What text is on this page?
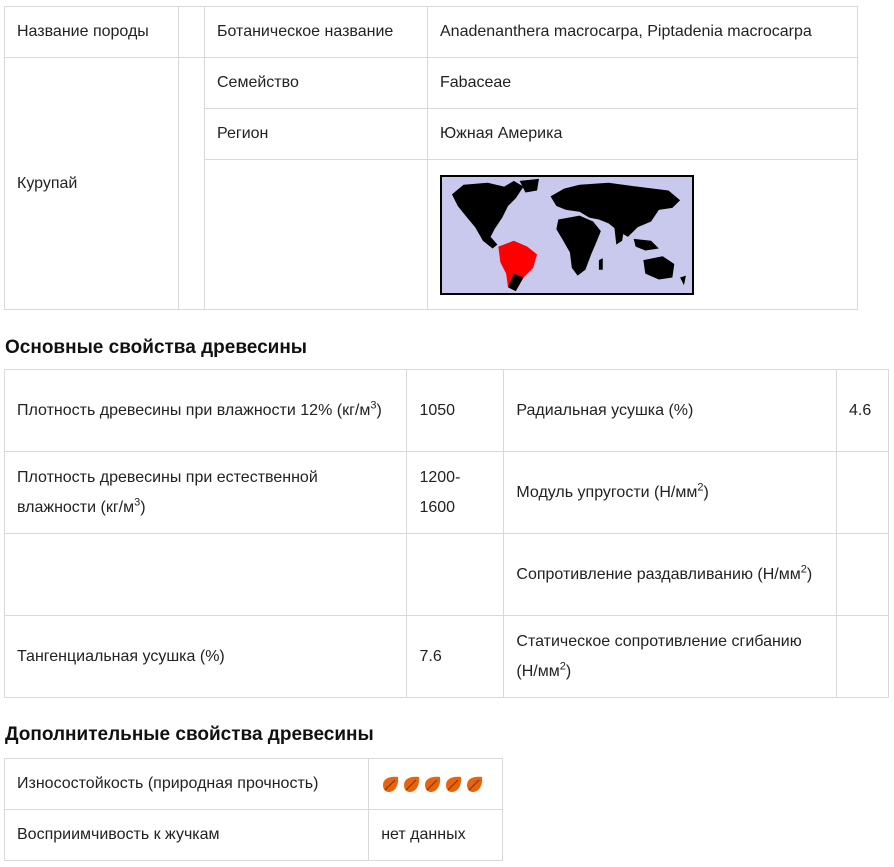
Название породы		Ботаническое название	Anadenanthera macrocarpa, Piptadenia macrocarpa
Курупай		Семейство	Fabaceae
		Регион	Южная Америка

Основные свойства древесины
Плотность древесины при влажности 12% $(кг/м^3)$	1050	Радиальная усушка (%)	4.6
Плотность древесины при естественной влажности $(кг/м^3)$	1200-1600	Модуль упругости $(Н/мм^2)$	
		Сопротивление раздавливанию $(Н/мм^2)$	
Тангенциальная усушка (%)	7.6	Статическое сопротивление сгибанию $(Н/мм^2)$	
Дополнительные свойства древесины
Износостойкость (природная прочность)	
Восприимчивость к жучкам	нет данных
